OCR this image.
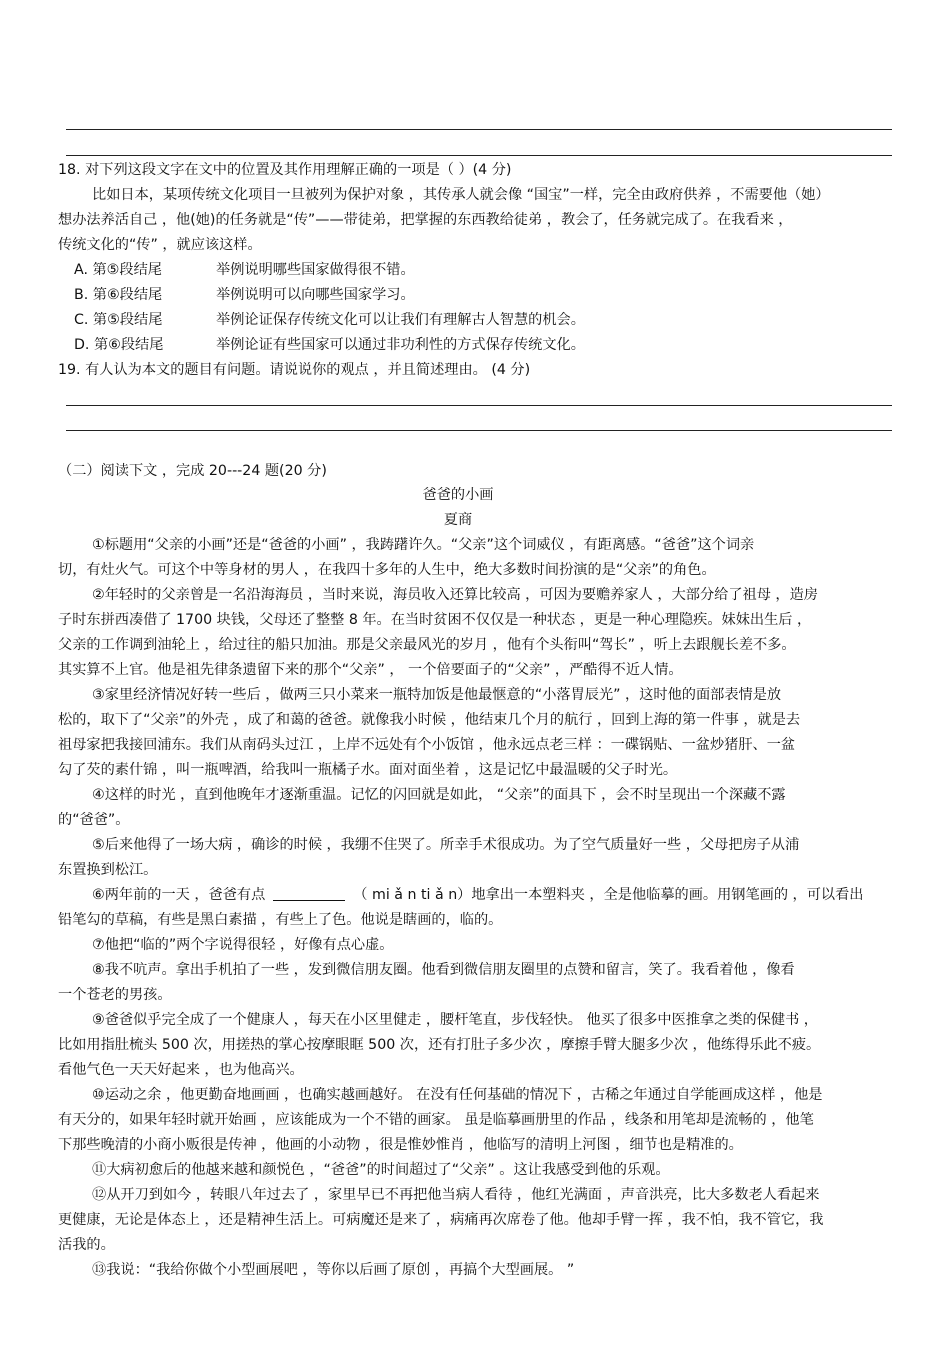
18. 对下列这段文字在文中的位置及其作用理解正确的一项是（ ）(4 分)
比如日本，某项传统文化项目一旦被列为保护对象 ，其传承人就会像 “国宝”一样，完全由政府供养 ，不需要他（她）
想办法养活自己 ，他(她)的任务就是“传”——带徒弟，把掌握的东西教给徒弟 ，教会了，任务就完成了。在我看来 ，
传统文化的“传” ，就应该这样。
A. 第⑤段结尾	举例说明哪些国家做得很不错。
B. 第⑥段结尾	举例说明可以向哪些国家学习。
C. 第⑤段结尾	举例论证保存传统文化可以让我们有理解古人智慧的机会。
D. 第⑥段结尾	举例论证有些国家可以通过非功利性的方式保存传统文化。
19. 有人认为本文的题目有问题。请说说你的观点 ，并且简述理由。 (4 分)
（二）阅读下文 ，完成 20---24 题(20 分)
爸爸的小画
夏商
①标题用“父亲的小画”还是“爸爸的小画” ，我踌躇许久。“父亲”这个词威仪 ，有距离感。“爸爸”这个词亲
切，有灶火气。可这个中等身材的男人 ，在我四十多年的人生中，绝大多数时间扮演的是“父亲”的角色。
②年轻时的父亲曾是一名沿海海员 ，当时来说，海员收入还算比较高 ，可因为要赡养家人 ，大部分给了祖母 ，造房
子时东拼西凑借了 1700 块钱，父母还了整整 8 年。在当时贫困不仅仅是一种状态 ，更是一种心理隐疾。妹妹出生后 ，
父亲的工作调到油轮上 ，给过往的船只加油。那是父亲最风光的岁月 ，他有个头衔叫“驾长” ，听上去跟舰长差不多。
其实算不上官。他是祖先律条遗留下来的那个“父亲” ， 一个倍要面子的“父亲” ，严酷得不近人情。
③家里经济情况好转一些后 ，做两三只小菜来一瓶特加饭是他最惬意的“小落胃辰光” ，这时他的面部表情是放
松的，取下了“父亲”的外壳 ，成了和蔼的爸爸。就像我小时候 ，他结束几个月的航行 ，回到上海的第一件事 ，就是去
祖母家把我接回浦东。我们从南码头过江 ，上岸不远处有个小饭馆 ，他永远点老三样 ：一碟锅贴、一盆炒猪肝、一盆
勾了芡的素什锦 ，叫一瓶啤酒，给我叫一瓶橘子水。面对面坐着 ，这是记忆中最温暖的父子时光。
④这样的时光 ，直到他晚年才逐渐重温。记忆的闪回就是如此， “父亲”的面具下 ，会不时呈现出一个深藏不露
的“爸爸”。
⑤后来他得了一场大病 ，确诊的时候 ，我绷不住哭了。所幸手术很成功。为了空气质量好一些 ，父母把房子从浦
东置换到松江。
⑥两年前的一天 ，爸爸有点	（ mi ǎ n ti ǎ n）地拿出一本塑料夹 ，全是他临摹的画。用钢笔画的 ，可以看出
铅笔勾的草稿，有些是黑白素描 ，有些上了色。他说是瞎画的，临的。
⑦他把“临的”两个字说得很轻 ，好像有点心虚。
⑧我不吭声。拿出手机拍了一些 ，发到微信朋友圈。他看到微信朋友圈里的点赞和留言，笑了。我看着他 ，像看
一个苍老的男孩。
⑨爸爸似乎完全成了一个健康人 ，每天在小区里健走 ，腰杆笔直，步伐轻快。 他买了很多中医推拿之类的保健书 ，
比如用指肚梳头 500 次，用搓热的掌心按摩眼眶 500 次，还有打肚子多少次 ，摩擦手臂大腿多少次 ，他练得乐此不疲。
看他气色一天天好起来 ，也为他高兴。
⑩运动之余 ，他更勤奋地画画 ，也确实越画越好。 在没有任何基础的情况下 ，古稀之年通过自学能画成这样 ，他是
有天分的，如果年轻时就开始画 ，应该能成为一个不错的画家。 虽是临摹画册里的作品 ，线条和用笔却是流畅的 ，他笔
下那些晚清的小商小贩很是传神 ，他画的小动物 ，很是惟妙惟肖 ，他临写的清明上河图 ，细节也是精准的。
⑪大病初愈后的他越来越和颜悦色 ，“爸爸”的时间超过了“父亲” 。这让我感受到他的乐观。
⑫从开刀到如今 ，转眼八年过去了 ，家里早已不再把他当病人看待 ，他红光满面 ，声音洪亮，比大多数老人看起来
更健康，无论是体态上 ，还是精神生活上。可病魔还是来了 ，病痛再次席卷了他。他却手臂一挥 ，我不怕，我不管它，我
活我的。
⑬我说：“我给你做个小型画展吧 ，等你以后画了原创 ，再搞个大型画展。 ”
